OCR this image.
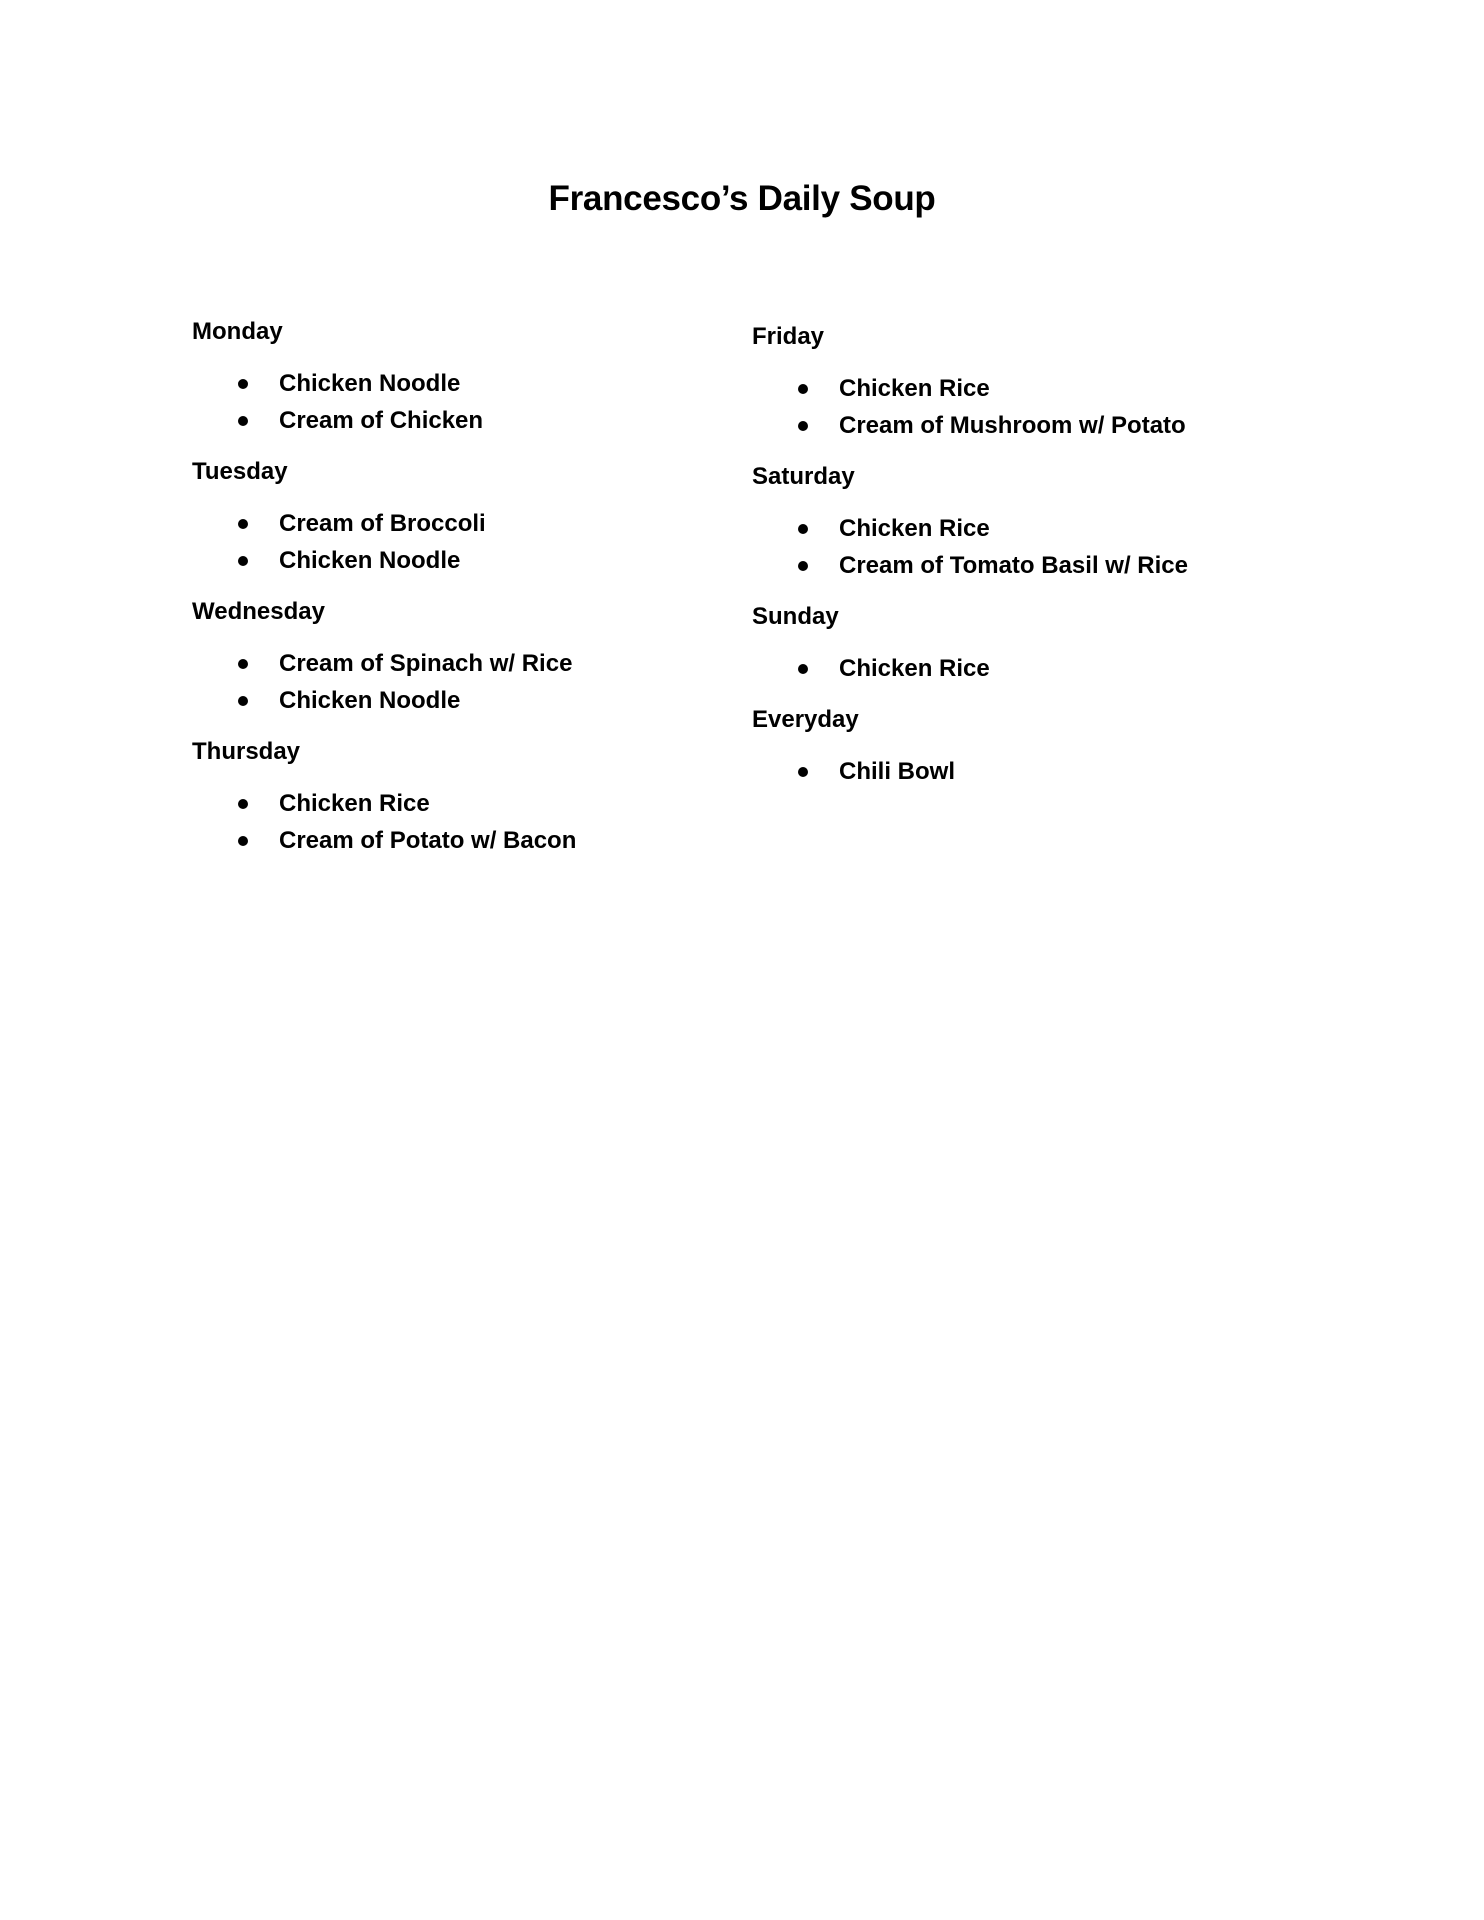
Francesco’s Daily Soup

Monday

Chicken Noodle
Cream of Chicken

Tuesday

Cream of Broccoli
Chicken Noodle

Wednesday

Cream of Spinach w/ Rice
Chicken Noodle

Thursday

Chicken Rice
Cream of Potato w/ Bacon

Friday

Chicken Rice
Cream of Mushroom w/ Potato

Saturday

Chicken Rice
Cream of Tomato Basil w/ Rice

Sunday

Chicken Rice

Everyday

Chili Bowl
